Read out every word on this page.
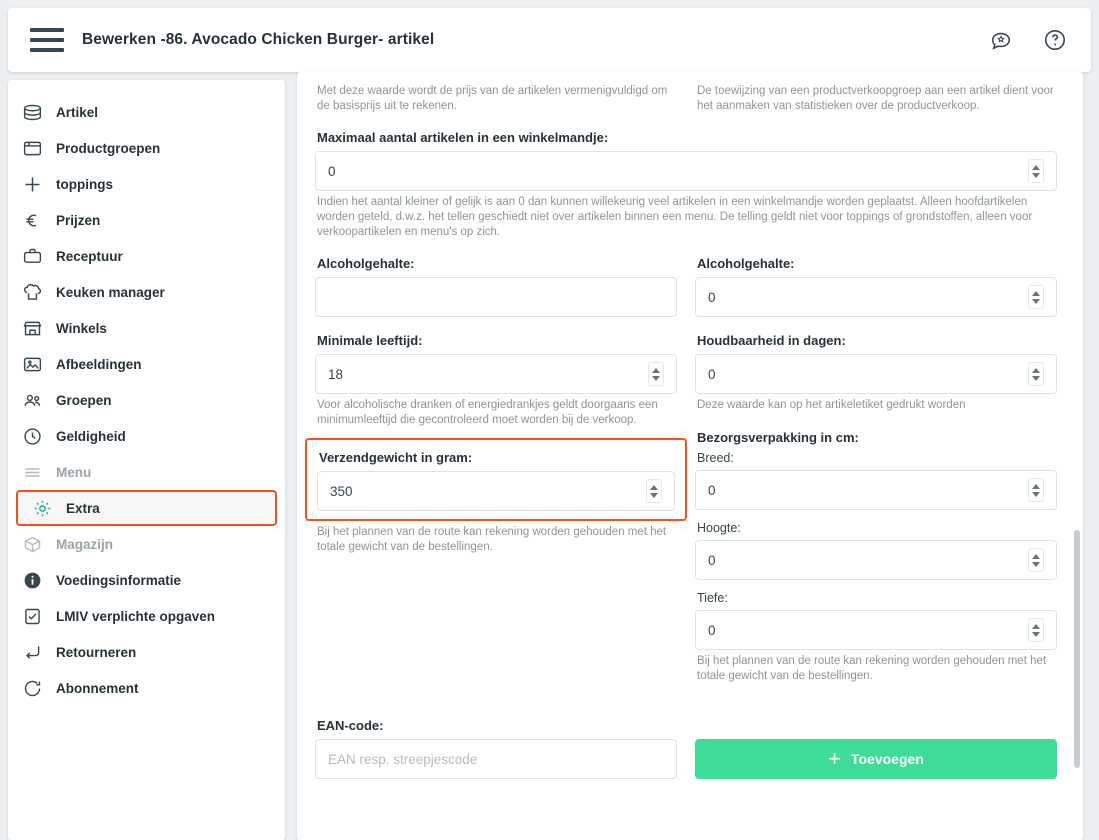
Bewerken -86. Avocado Chicken Burger- artikel
Artikel
Productgroepen
toppings
Prijzen
Receptuur
Keuken manager
Winkels
Afbeeldingen
Groepen
Geldigheid
Menu
Extra
Magazijn
Voedingsinformatie
LMIV verplichte opgaven
Retourneren
Abonnement
Met deze waarde wordt de prijs van de artikelen vermenigvuldigd om de basisprijs uit te rekenen.
De toewijzing van een productverkoopgroep aan een artikel dient voor het aanmaken van statistieken over de productverkoop.
Maximaal aantal artikelen in een winkelmandje:
0
Indien het aantal kleiner of gelijk is aan 0 dan kunnen willekeurig veel artikelen in een winkelmandje worden geplaatst. Alleen hoofdartikelen worden geteld, d.w.z. het tellen geschiedt niet over artikelen binnen een menu. De telling geldt niet voor toppings of grondstoffen, alleen voor verkoopartikelen en menu's op zich.
Alcoholgehalte:	Alcoholgehalte:
0
Minimale leeftijd:
18
Voor alcoholische dranken of energiedrankjes geldt doorgaans een minimumleeftijd die gecontroleerd moet worden bij de verkoop.
Verzendgewicht in gram:
350
Bij het plannen van de route kan rekening worden gehouden met het totale gewicht van de bestellingen.
Houdbaarheid in dagen:
0
Deze waarde kan op het artikeletiket gedrukt worden
Bezorgsverpakking in cm:
Breed:
0
Hoogte:
0
Tiefe:
0
Bij het plannen van de route kan rekening worden gehouden met het totale gewicht van de bestellingen.
EAN-code:
EAN resp. streepjescode	+ Toevoegen
